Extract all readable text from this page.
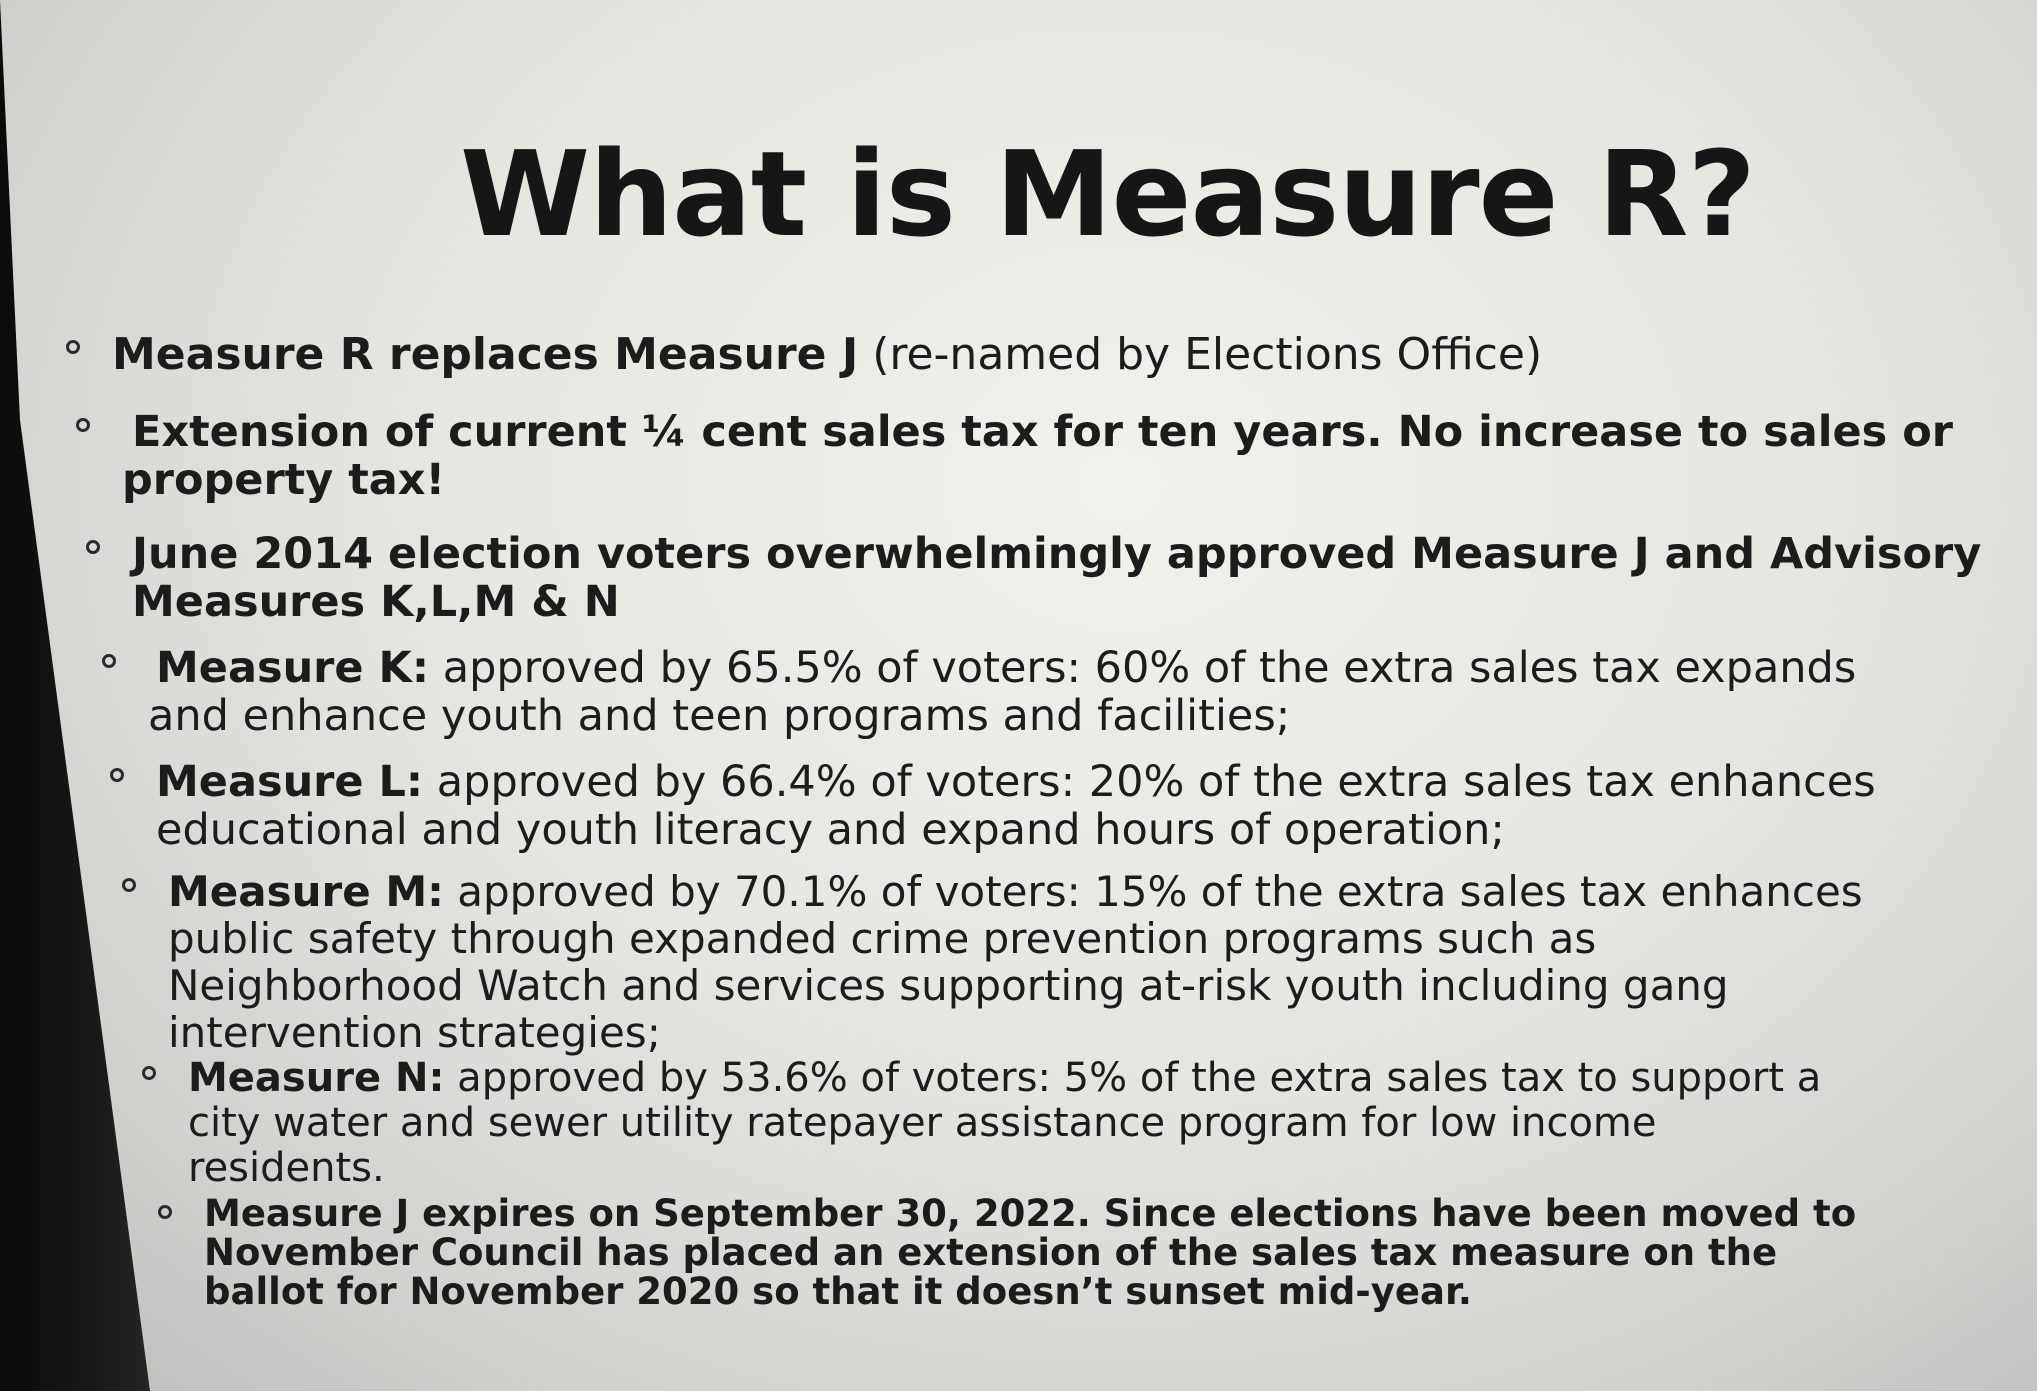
What is Measure R?
Measure R replaces Measure J (re-named by Elections Office)
Extension of current ¼ cent sales tax for ten years. No increase to sales or
property tax!
June 2014 election voters overwhelmingly approved Measure J and Advisory
Measures K,L,M & N
Measure K: approved by 65.5% of voters: 60% of the extra sales tax expands
and enhance youth and teen programs and facilities;
Measure L: approved by 66.4% of voters: 20% of the extra sales tax enhances
educational and youth literacy and expand hours of operation;
Measure M: approved by 70.1% of voters: 15% of the extra sales tax enhances
public safety through expanded crime prevention programs such as
Neighborhood Watch and services supporting at-risk youth including gang
intervention strategies;
Measure N: approved by 53.6% of voters: 5% of the extra sales tax to support a
city water and sewer utility ratepayer assistance program for low income
residents.
Measure J expires on September 30, 2022. Since elections have been moved to
November Council has placed an extension of the sales tax measure on the
ballot for November 2020 so that it doesn’t sunset mid-year.
